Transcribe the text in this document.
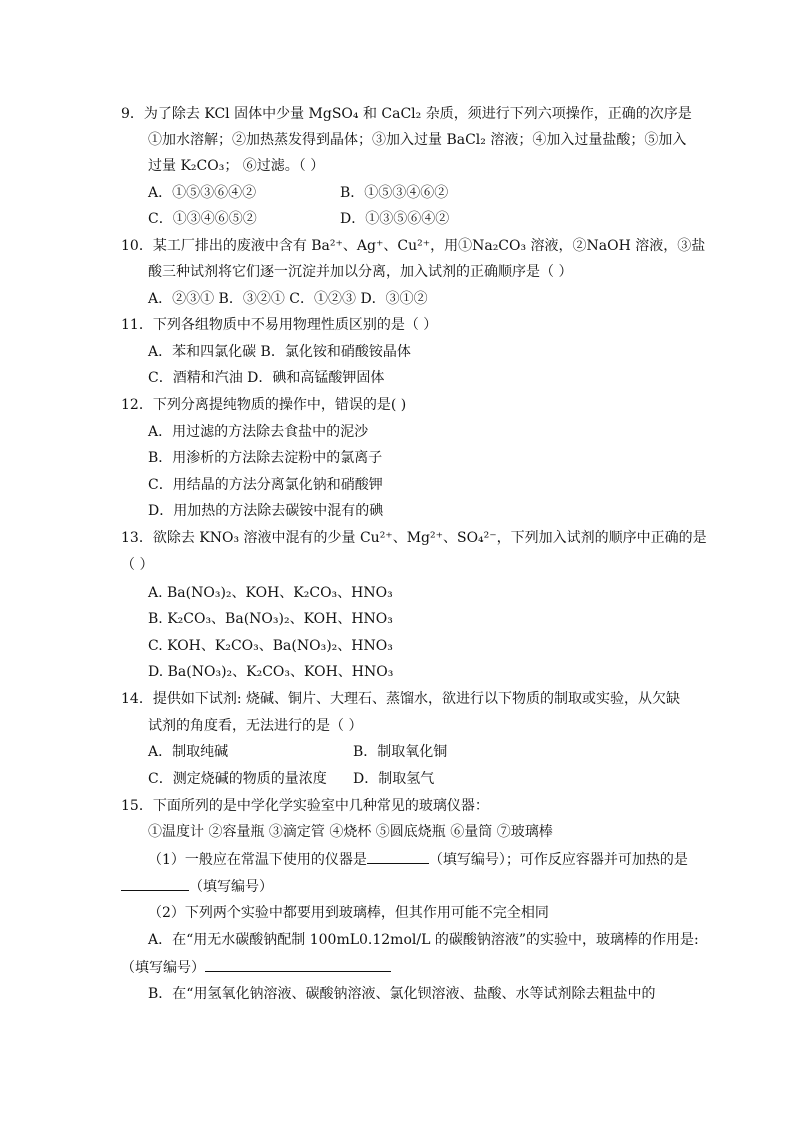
9．为了除去 KCl 固体中少量 MgSO₄ 和 CaCl₂ 杂质，须进行下列六项操作，正确的次序是
①加水溶解；②加热蒸发得到晶体；③加入过量 BaCl₂ 溶液；④加入过量盐酸；⑤加入
过量 K₂CO₃； ⑥过滤。（ ）
A．①⑤③⑥④②	B．①⑤③④⑥②
C．①③④⑥⑤②	D．①③⑤⑥④②
10．某工厂排出的废液中含有 Ba²⁺、Ag⁺、Cu²⁺，用①Na₂CO₃ 溶液，②NaOH 溶液，③盐
酸三种试剂将它们逐一沉淀并加以分离，加入试剂的正确顺序是（ ）
A．②③① B．③②① C．①②③ D．③①②
11．下列各组物质中不易用物理性质区别的是（ ）
A．苯和四氯化碳 B．氯化铵和硝酸铵晶体
C．酒精和汽油 D．碘和高锰酸钾固体
12．下列分离提纯物质的操作中，错误的是( )
A．用过滤的方法除去食盐中的泥沙
B．用渗析的方法除去淀粉中的氯离子
C．用结晶的方法分离氯化钠和硝酸钾
D．用加热的方法除去碳铵中混有的碘
13．欲除去 KNO₃ 溶液中混有的少量 Cu²⁺、Mg²⁺、SO₄²⁻，下列加入试剂的顺序中正确的是
（ ）
A. Ba(NO₃)₂、KOH、K₂CO₃、HNO₃
B. K₂CO₃、Ba(NO₃)₂、KOH、HNO₃
C. KOH、K₂CO₃、Ba(NO₃)₂、HNO₃
D. Ba(NO₃)₂、K₂CO₃、KOH、HNO₃
14．提供如下试剂: 烧碱、铜片、大理石、蒸馏水，欲进行以下物质的制取或实验，从欠缺
试剂的角度看，无法进行的是（ ）
A．制取纯碱	B．制取氧化铜
C．测定烧碱的物质的量浓度 D．制取氢气
15．下面所列的是中学化学实验室中几种常见的玻璃仪器：
①温度计 ②容量瓶 ③滴定管 ④烧杯 ⑤圆底烧瓶 ⑥量筒 ⑦玻璃棒
（1）一般应在常温下使用的仪器是	（填写编号）；可作反应容器并可加热的是
（填写编号）
（2）下列两个实验中都要用到玻璃棒，但其作用可能不完全相同
A．在“用无水碳酸钠配制 100mL0.12mol/L 的碳酸钠溶液”的实验中，玻璃棒的作用是:
（填写编号）
B．在“用氢氧化钠溶液、碳酸钠溶液、氯化钡溶液、盐酸、水等试剂除去粗盐中的
